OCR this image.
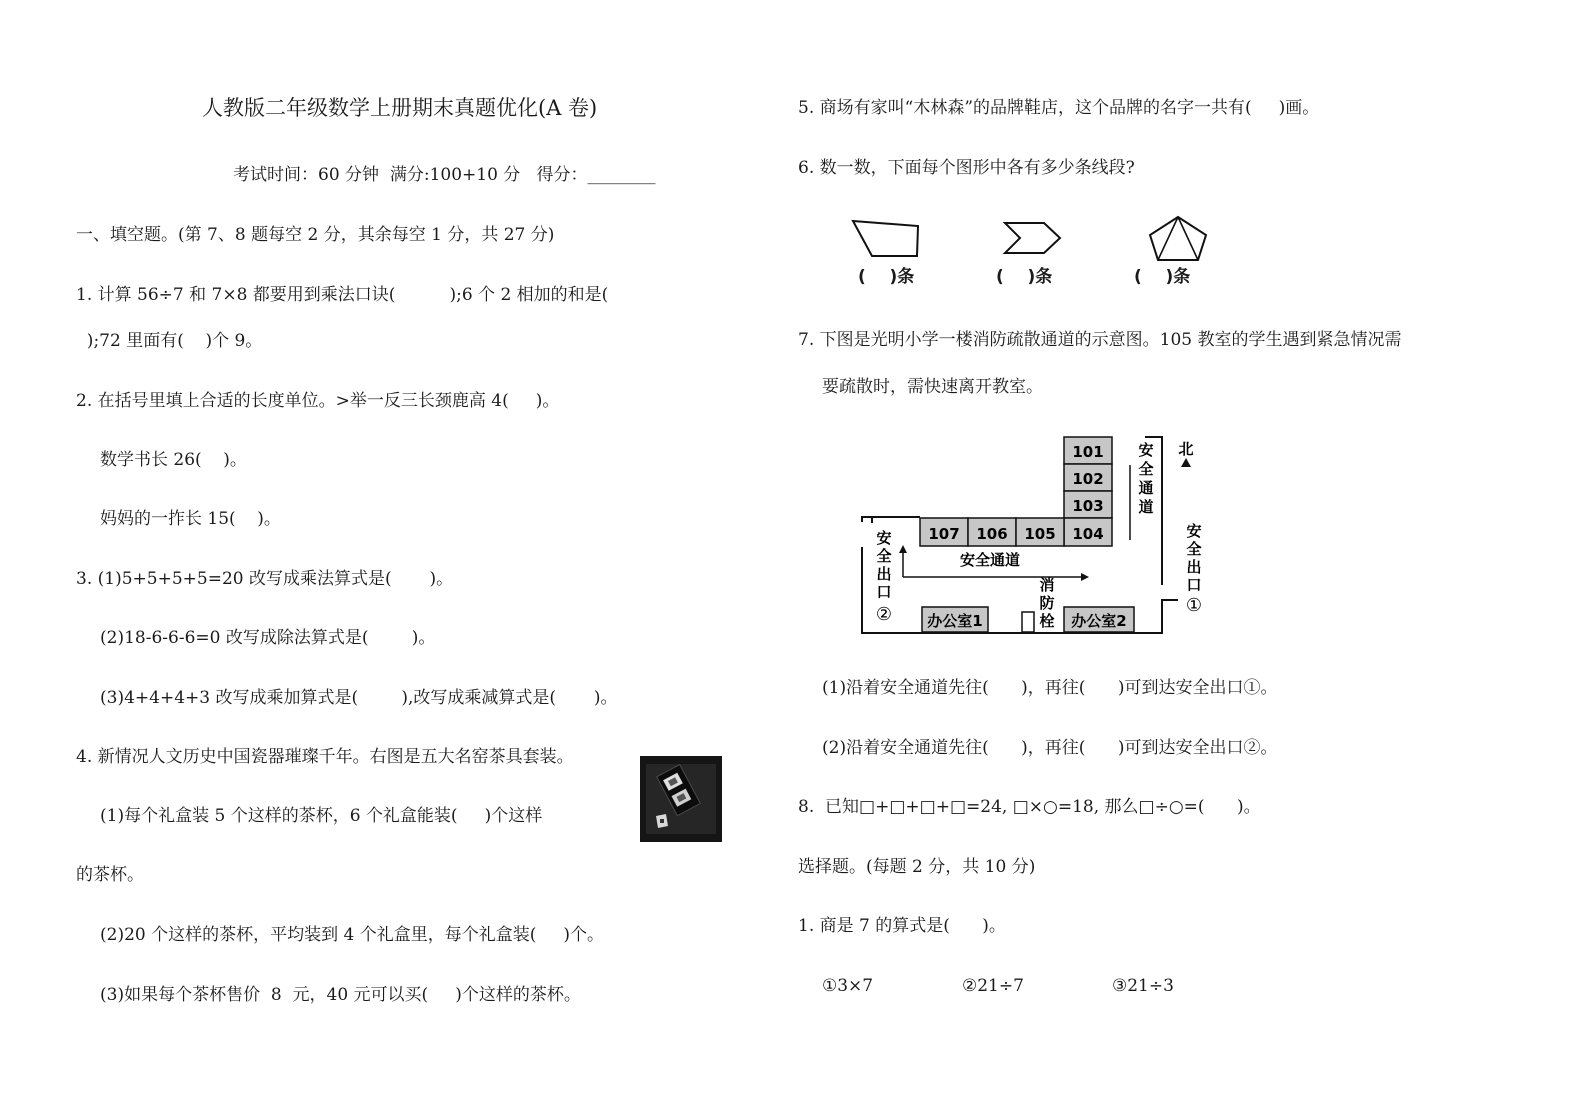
人教版二年级数学上册期末真题优化(A 卷)
考试时间：60 分钟  满分:100+10 分   得分：________
一、填空题。(第 7、8 题每空 2 分，其余每空 1 分，共 27 分)
1. 计算 56÷7 和 7×8 都要用到乘法口诀(          );6 个 2 相加的和是(
);72 里面有(    )个 9。
2. 在括号里填上合适的长度单位。>举一反三长颈鹿高 4(     )。
数学书长 26(    )。
妈妈的一拃长 15(    )。
3. (1)5+5+5+5=20 改写成乘法算式是(       )。
(2)18-6-6-6=0 改写成除法算式是(        )。
(3)4+4+4+3 改写成乘加算式是(        ),改写成乘减算式是(       )。
4. 新情况人文历史中国瓷器璀璨千年。右图是五大名窑茶具套装。
(1)每个礼盒装 5 个这样的茶杯，6 个礼盒能装(     )个这样
的茶杯。
(2)20 个这样的茶杯，平均装到 4 个礼盒里，每个礼盒装(     )个。
(3)如果每个茶杯售价  8  元，40 元可以买(     )个这样的茶杯。
5. 商场有家叫“木林森”的品牌鞋店，这个品牌的名字一共有(     )画。
6. 数一数，下面每个图形中各有多少条线段?
(    )条	(    )条	(    )条
7. 下图是光明小学一楼消防疏散通道的示意图。105 教室的学生遇到紧急情况需
要疏散时，需快速离开教室。
101
102
103
104
107 106 105
安全通道
安
全
通
道
北
安
全
出
口
①
安
全
出
口
② 办公室1
消
防
栓 办公室2
(1)沿着安全通道先往(      )，再往(      )可到达安全出口①。
(2)沿着安全通道先往(      )，再往(      )可到达安全出口②。
8.  已知□+□+□+□=24, □×○=18, 那么□÷○=(      )。
选择题。(每题 2 分，共 10 分)
1. 商是 7 的算式是(      )。
①3×7	②21÷7	③21÷3
